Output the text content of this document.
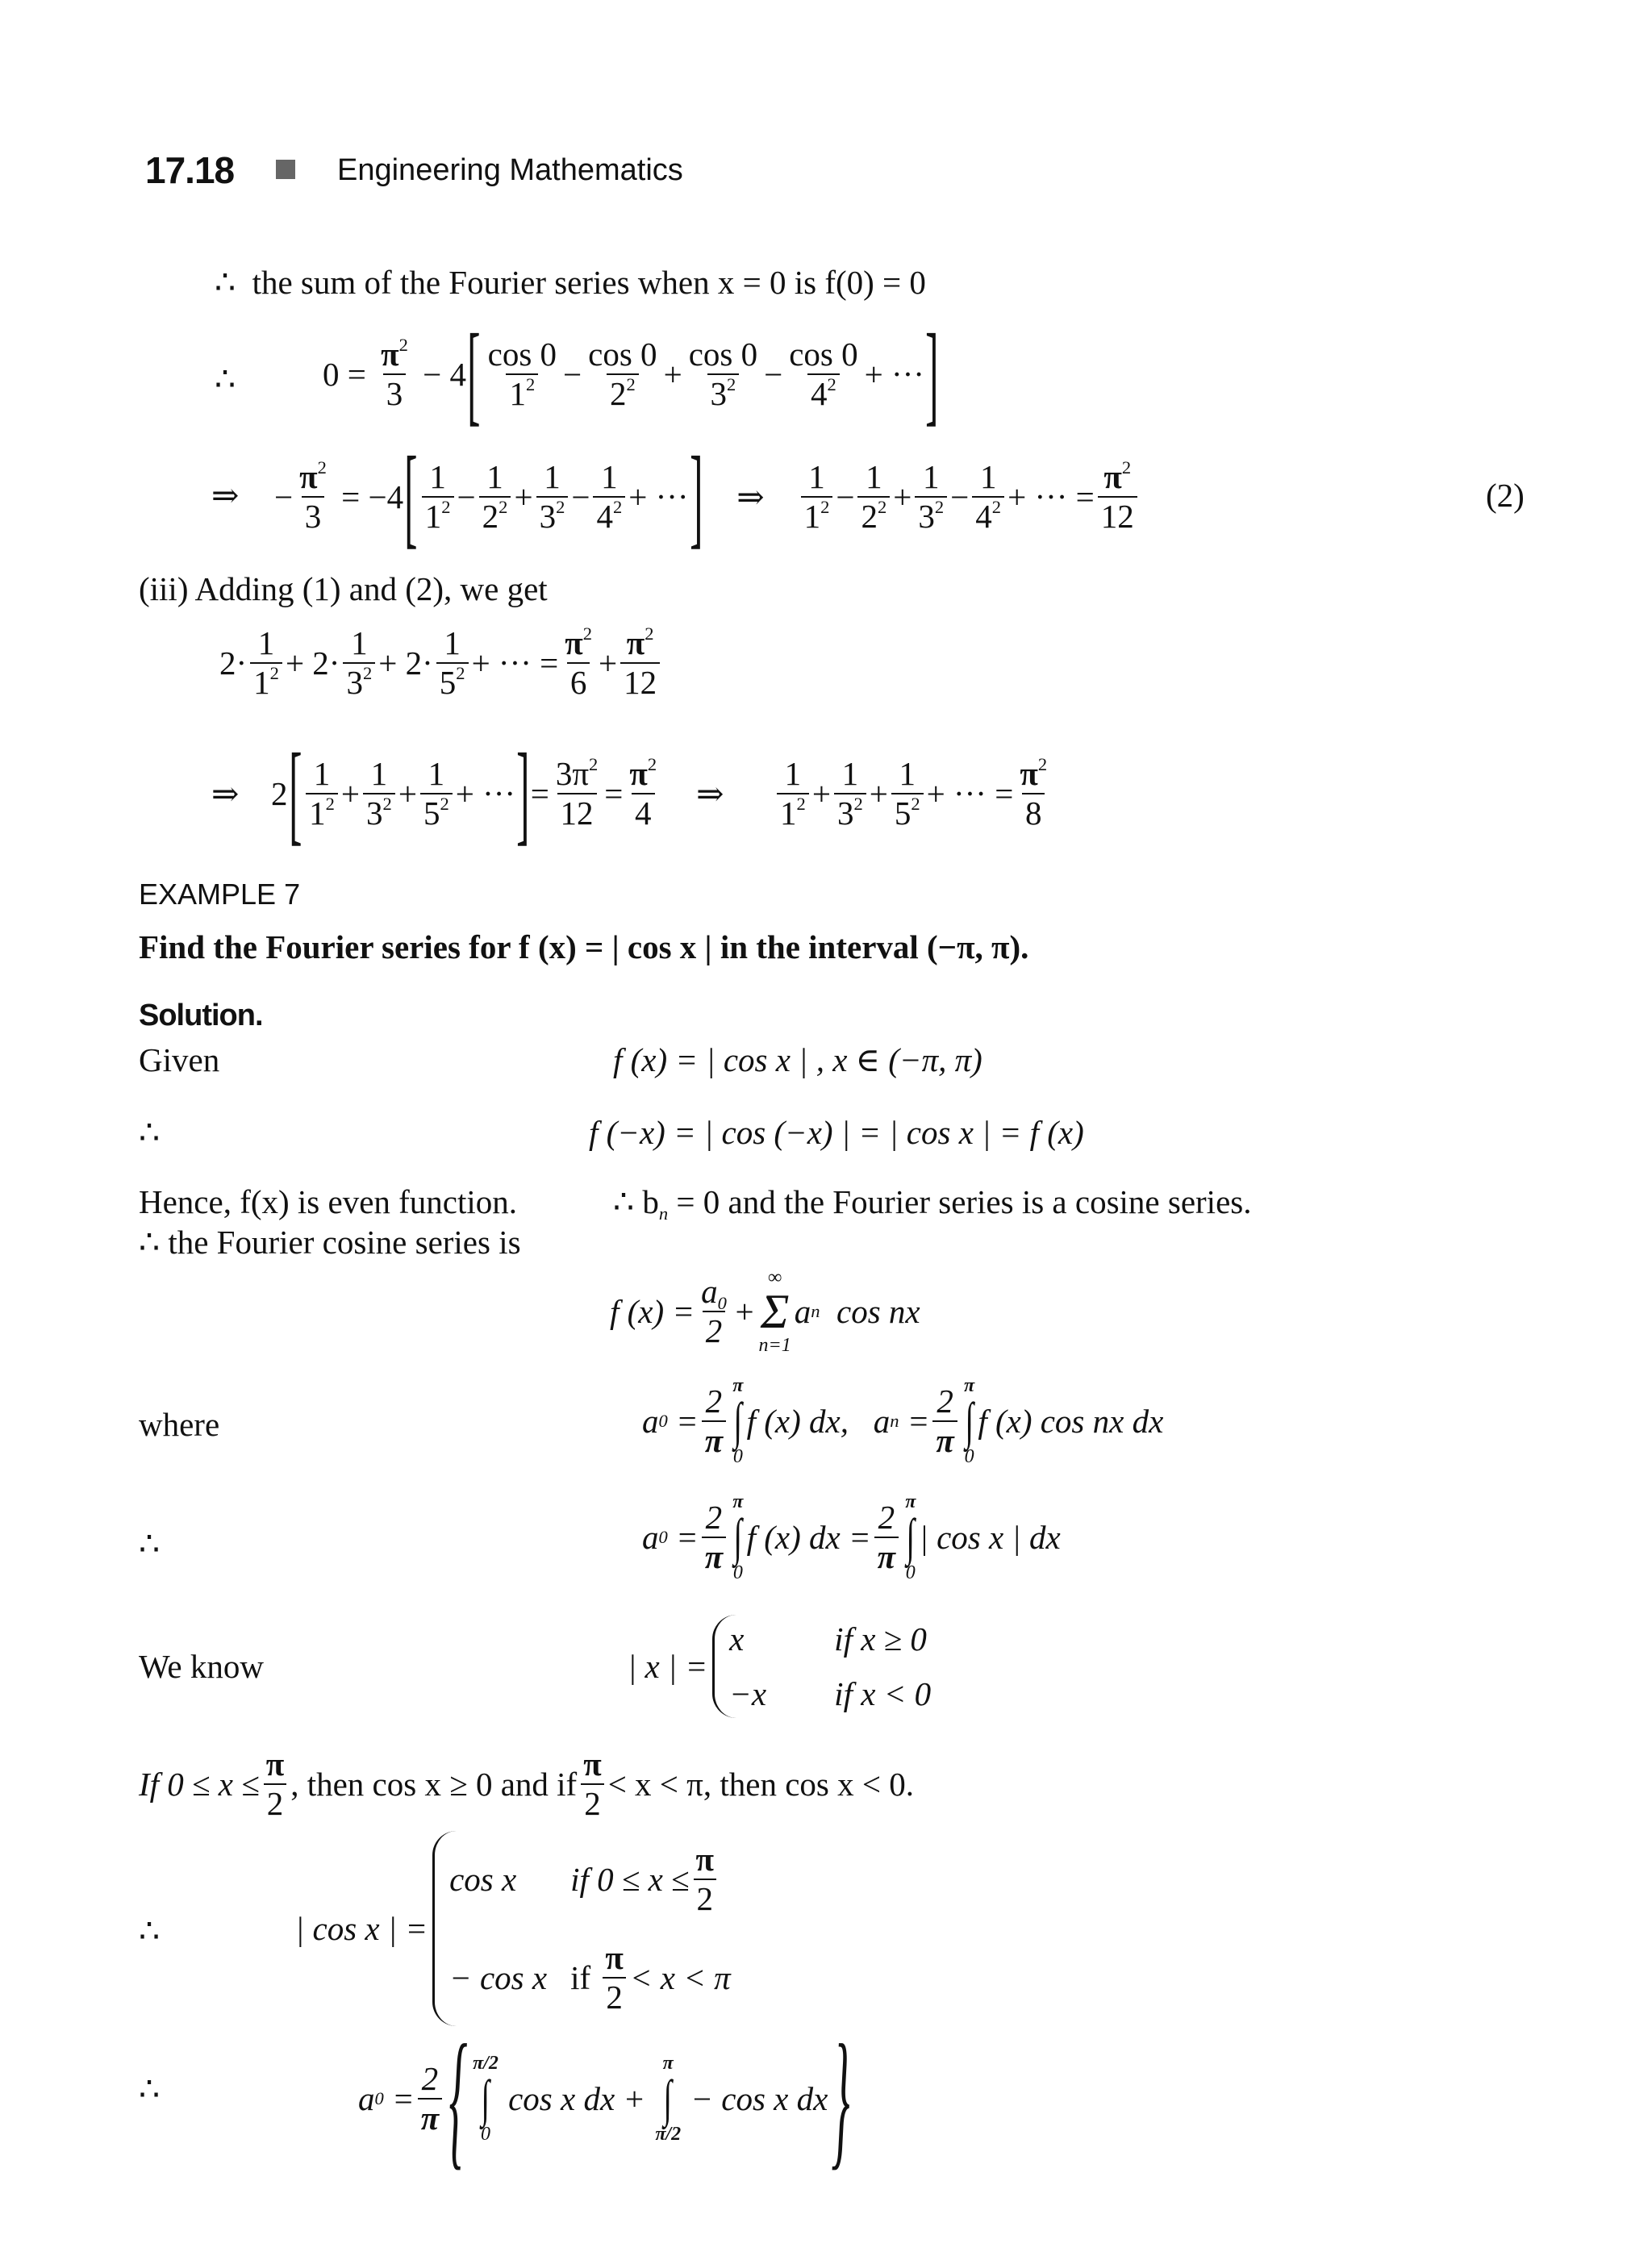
17.18	Engineering Mathematics
∴ the sum of the Fourier series when x = 0 is f(0) = 0
∴	$0 = \frac{\pi^2}{3} - 4$ [ $\frac{\cos 0}{1^2} - \frac{\cos 0}{2^2} + \frac{\cos 0}{3^2} - \frac{\cos 0}{4^2}$ + ··· ]
⇒ − $\frac{\pi^2}{3}$ = − 4 [ $\frac{1}{1^2} - \frac{1}{2^2} + \frac{1}{3^2} - \frac{1}{4^2}$ + ··· ]
⇒
$\frac{1}{1^2} - \frac{1}{2^2} + \frac{1}{3^2} - \frac{1}{4^2}$ + ··· = $\frac{\pi^2}{12}$	(2)
(iii) Adding (1) and (2), we get
$2\cdot \frac{1}{1^2} + 2\cdot \frac{1}{3^2} + 2\cdot \frac{1}{5^2}$ + ··· = $\frac{\pi^2}{6} + \frac{\pi^2}{12}$
⇒ 2 [ $\frac{1}{1^2} + \frac{1}{3^2} + \frac{1}{5^2}$ + ··· ] = $\frac{3\pi^2}{12} = \frac{\pi^2}{4}$
⇒
$\frac{1}{1^2} + \frac{1}{3^2} + \frac{1}{5^2}$ + ··· = $\frac{\pi^2}{8}$
EXAMPLE 7
Find the Fourier series for f (x) = | cos x | in the interval (−π, π).
Solution.
Given	f (x) = | cos x | , x ∈ (−π, π)
∴	f (−x) = | cos (−x) | = | cos x | = f (x)
Hence, f(x) is even function.	∴ $b_n = 0$ and the Fourier series is a cosine series.
∴ the Fourier cosine series is
f $(x) = \frac{a_0}{2}$ +
∞
Σ
n=1
a n
cos nx
where	a $0 = \frac{2}{\pi}$ π
∫
0
f (x) dx,
a $n = \frac{2}{\pi}$ π
∫
0
f (x) cos nx dx
∴	a $0 = \frac{2}{\pi}$ π
∫
0
f (x) dx = $\frac{2}{\pi}$ π
∫
0
| cos x | dx
We know	| x | =
x	if x ≥ 0
−x	if x < 0
If $0 \le x \le \frac{\pi}{2}$ , then cos x ≥ 0 and if $\frac{\pi}{2} < x < \pi$, then cos x < 0.
∴	| cos x | =
cos x	if $0 \le x \le \frac{\pi}{2}$
− cos x if
$\frac{\pi}{2} < x < \pi$
∴	a $0 = \frac{2}{\pi}$ { π/2
∫
0

cos x dx +

π
∫
π/2

− cos x dx }
